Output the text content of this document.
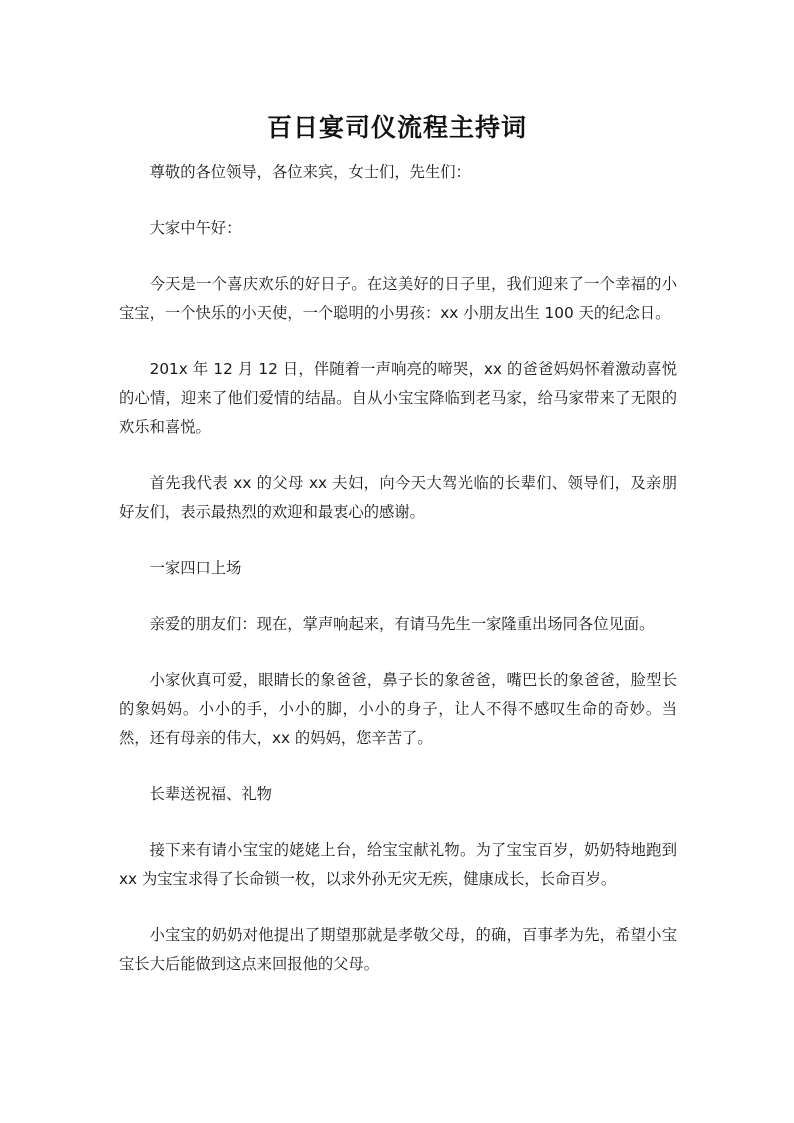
百日宴司仪流程主持词

尊敬的各位领导，各位来宾，女士们，先生们：

大家中午好：

今天是一个喜庆欢乐的好日子。在这美好的日子里，我们迎来了一个幸福的小宝宝，一个快乐的小天使，一个聪明的小男孩：xx 小朋友出生 100 天的纪念日。

201x 年 12 月 12 日，伴随着一声响亮的啼哭，xx 的爸爸妈妈怀着激动喜悦的心情，迎来了他们爱情的结晶。自从小宝宝降临到老马家，给马家带来了无限的欢乐和喜悦。

首先我代表 xx 的父母 xx 夫妇，向今天大驾光临的长辈们、领导们，及亲朋好友们，表示最热烈的欢迎和最衷心的感谢。

一家四口上场

亲爱的朋友们：现在，掌声响起来，有请马先生一家隆重出场同各位见面。

小家伙真可爱，眼睛长的象爸爸，鼻子长的象爸爸，嘴巴长的象爸爸，脸型长的象妈妈。小小的手，小小的脚，小小的身子，让人不得不感叹生命的奇妙。当然，还有母亲的伟大，xx 的妈妈，您辛苦了。

长辈送祝福、礼物

接下来有请小宝宝的姥姥上台，给宝宝献礼物。为了宝宝百岁，奶奶特地跑到 xx 为宝宝求得了长命锁一枚，以求外孙无灾无疾，健康成长，长命百岁。

小宝宝的奶奶对他提出了期望那就是孝敬父母，的确，百事孝为先，希望小宝宝长大后能做到这点来回报他的父母。
